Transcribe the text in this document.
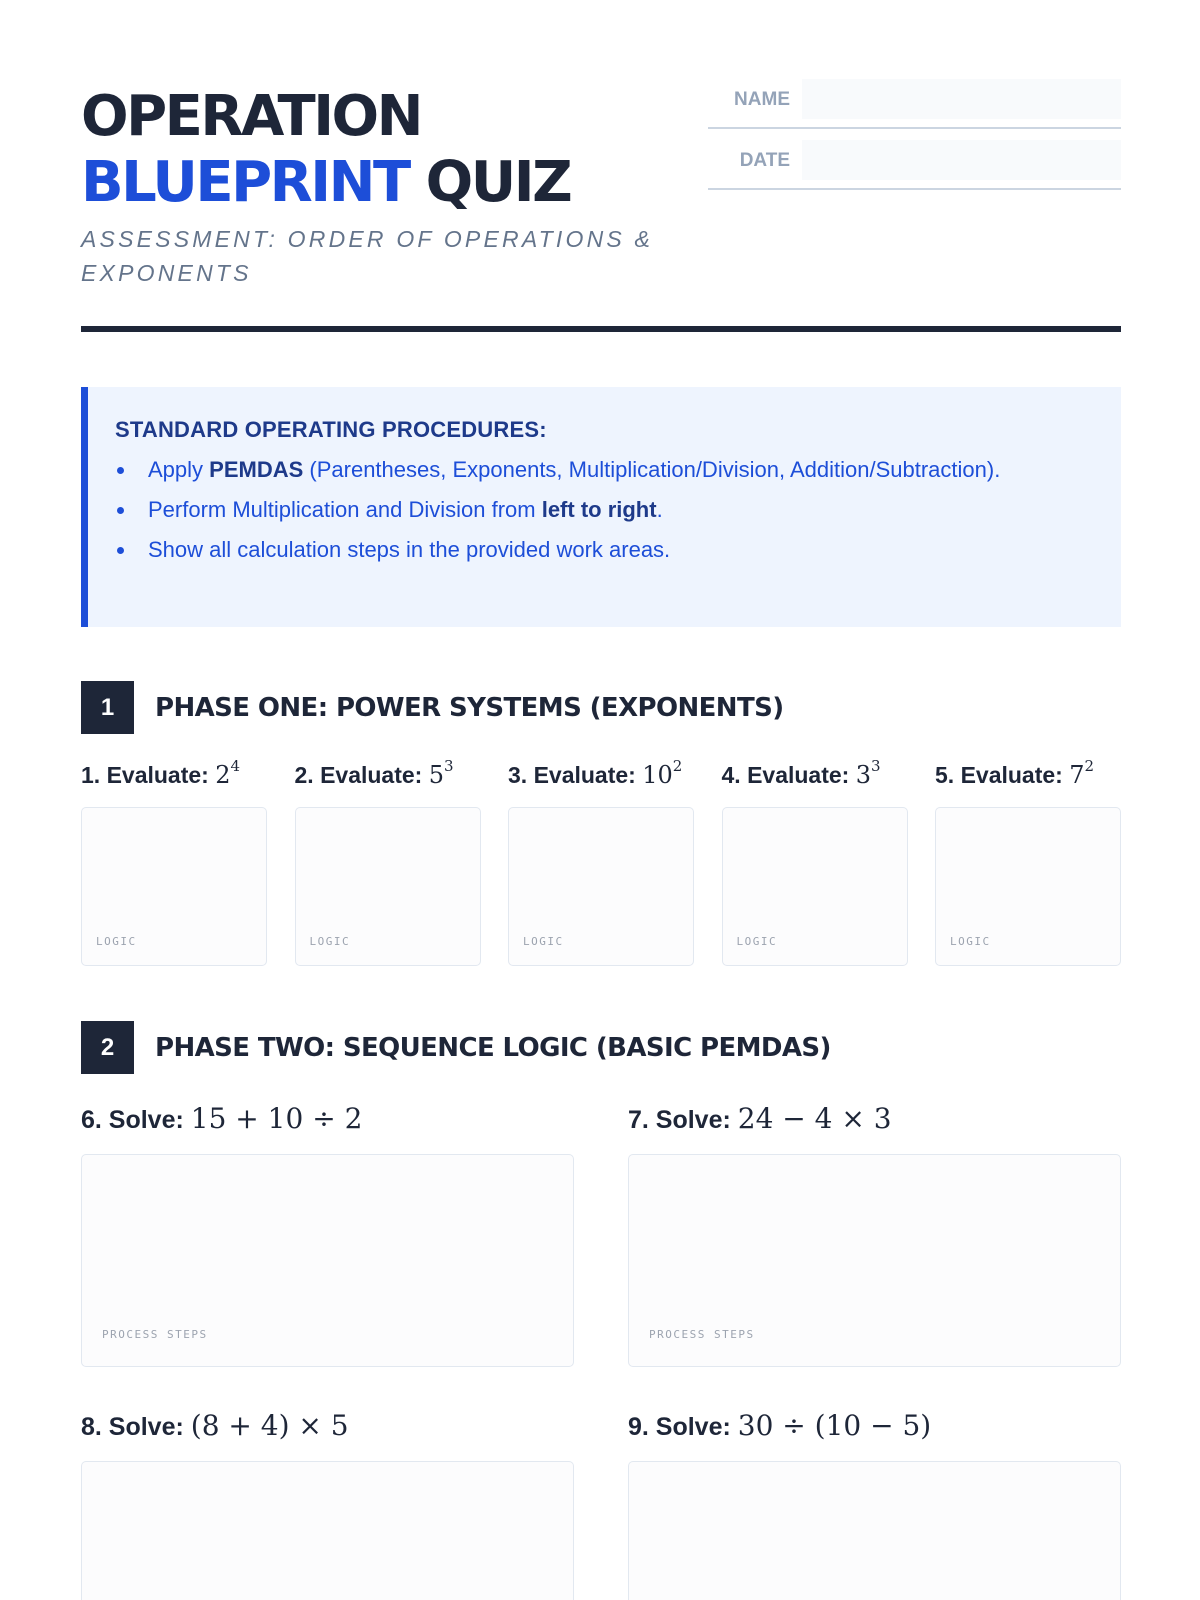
OPERATION
BLUEPRINT QUIZ
ASSESSMENT: ORDER OF OPERATIONS & EXPONENTS
NAME
DATE
STANDARD OPERATING PROCEDURES:
Apply PEMDAS (Parentheses, Exponents, Multiplication/Division, Addition/Subtraction).
Perform Multiplication and Division from left to right.
Show all calculation steps in the provided work areas.
1	PHASE ONE: POWER SYSTEMS (EXPONENTS)
1. Evaluate: $2^4$
LOGIC
2. Evaluate: $5^3$
LOGIC
3. Evaluate: $10^2$
LOGIC
4. Evaluate: $3^3$
LOGIC
5. Evaluate: $7^2$
LOGIC
2	PHASE TWO: SEQUENCE LOGIC (BASIC PEMDAS)
6. Solve: 15 + 10 ÷ 2
PROCESS STEPS
7. Solve: 24 − 4 × 3
PROCESS STEPS
8. Solve: (8 + 4) × 5	9. Solve: 30 ÷ (10 − 5)
